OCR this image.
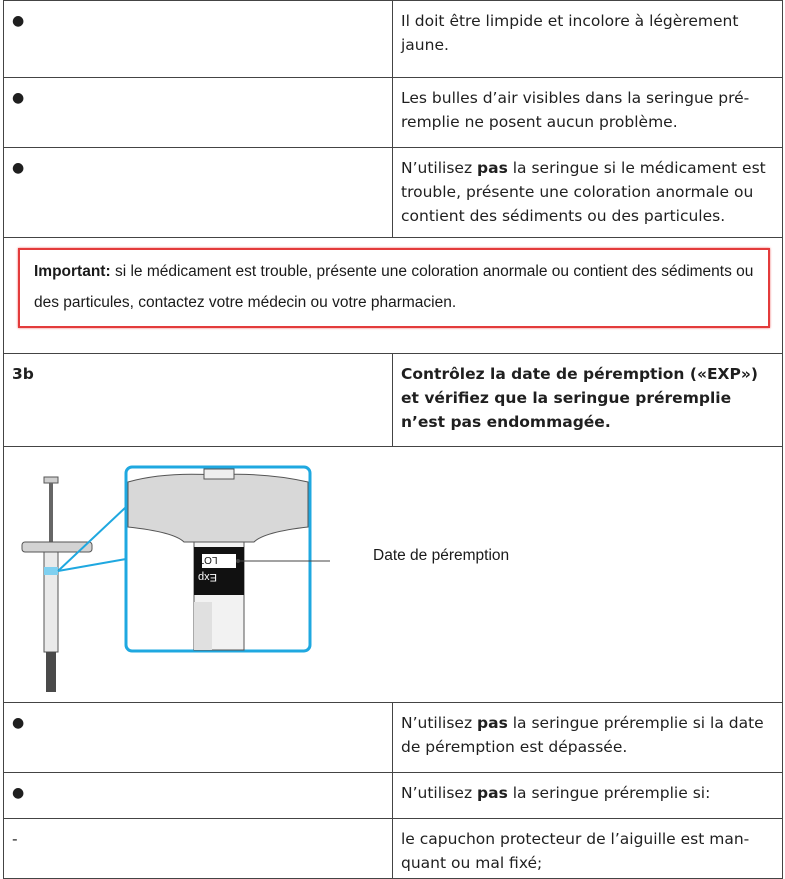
●	Il doit être limpide et incolore à légèrement jaune.
●	Les bulles d’air visibles dans la seringue pré-remplie ne posent aucun problème.
●	N’utilisez pas la seringue si le médicament est trouble, présente une coloration anormale ou contient des sédiments ou des particules.
Important: si le médicament est trouble, présente une coloration anormale ou contient des sédiments ou des particules, contactez votre médecin ou votre pharmacien.
3b	Contrôlez la date de péremption («EXP») et vérifiez que la seringue préremplie n’est pas endommagée.
LOT
Exp
Date de péremption
●	N’utilisez pas la seringue préremplie si la date de péremption est dépassée.
●	N’utilisez pas la seringue préremplie si:
-	le capuchon protecteur de l’aiguille est man-quant ou mal fixé;
